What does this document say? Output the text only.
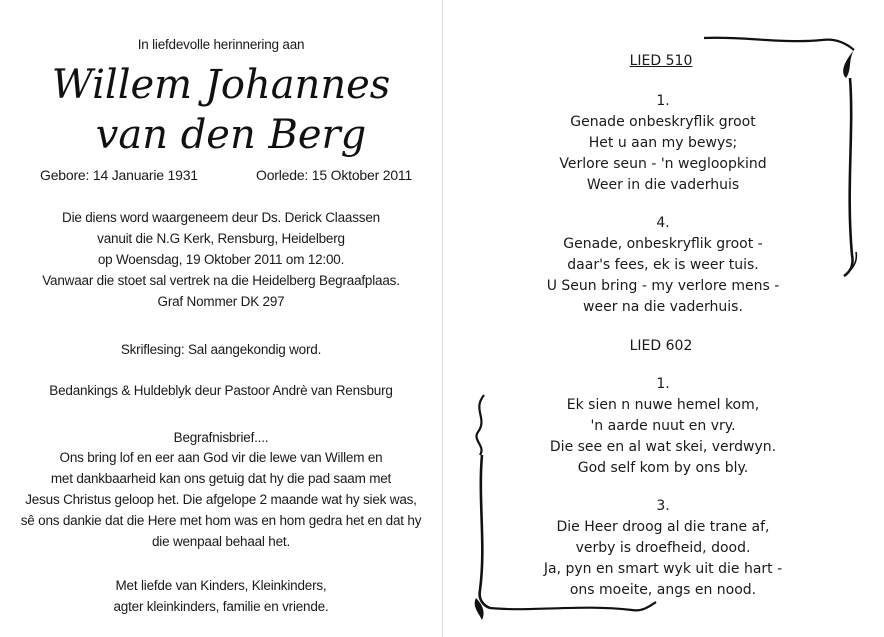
In liefdevolle herinnering aan
Willem Johannes
van den Berg
Gebore: 14 Januarie 1931	Oorlede: 15 Oktober 2011
Die diens word waargeneem deur Ds. Derick Claassen
vanuit die N.G Kerk, Rensburg, Heidelberg
op Woensdag, 19 Oktober 2011 om 12:00.
Vanwaar die stoet sal vertrek na die Heidelberg Begraafplaas.
Graf Nommer DK 297
Skriflesing: Sal aangekondig word.
Bedankings & Huldeblyk deur Pastoor Andrè van Rensburg
Begrafnisbrief....
Ons bring lof en eer aan God vir die lewe van Willem en
met dankbaarheid kan ons getuig dat hy die pad saam met
Jesus Christus geloop het. Die afgelope 2 maande wat hy siek was,
sê ons dankie dat die Here met hom was en hom gedra het en dat hy
die wenpaal behaal het.
Met liefde van Kinders, Kleinkinders,
agter kleinkinders, familie en vriende.
LIED 510
1.
Genade onbeskryflik groot
Het u aan my bewys;
Verlore seun - 'n wegloopkind
Weer in die vaderhuis
4.
Genade, onbeskryflik groot -
daar's fees, ek is weer tuis.
U Seun bring - my verlore mens -
weer na die vaderhuis.
LIED 602
1.
Ek sien n nuwe hemel kom,
'n aarde nuut en vry.
Die see en al wat skei, verdwyn.
God self kom by ons bly.
3.
Die Heer droog al die trane af,
verby is droefheid, dood.
Ja, pyn en smart wyk uit die hart -
ons moeite, angs en nood.
